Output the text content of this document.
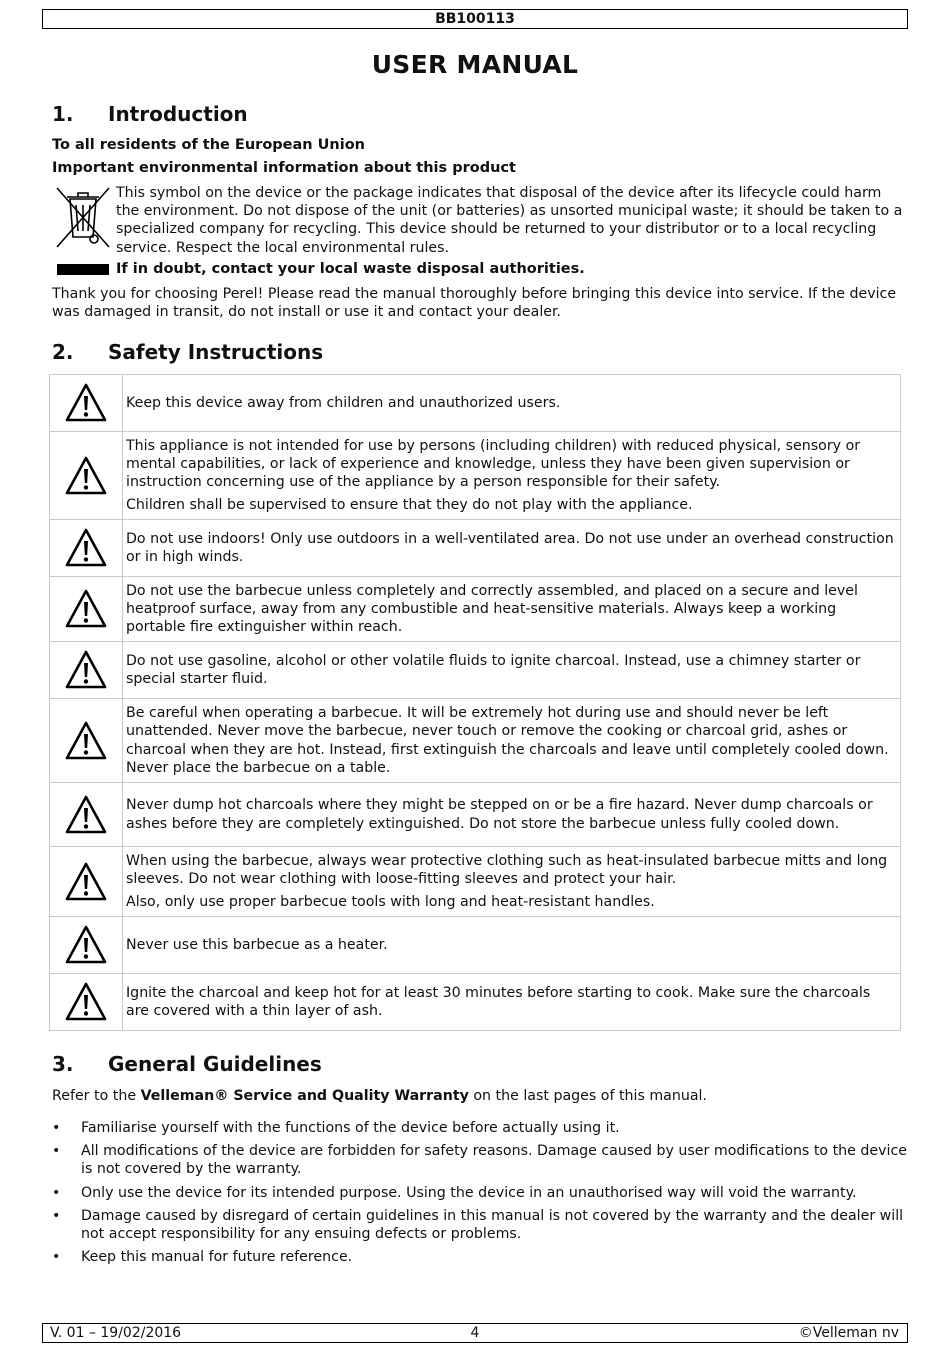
BB100113
USER MANUAL
1. Introduction
To all residents of the European Union
Important environmental information about this product

This symbol on the device or the package indicates that disposal of the device after its lifecycle could harm the environment. Do not dispose of the unit (or batteries) as unsorted municipal waste; it should be taken to a specialized company for recycling. This device should be returned to your distributor or to a local recycling service. Respect the local environmental rules.

If in doubt, contact your local waste disposal authorities.

Thank you for choosing Perel! Please read the manual thoroughly before bringing this device into service. If the device was damaged in transit, do not install or use it and contact your dealer.

2. Safety Instructions

Keep this device away from children and unauthorized users.

This appliance is not intended for use by persons (including children) with reduced physical, sensory or mental capabilities, or lack of experience and knowledge, unless they have been given supervision or instruction concerning use of the appliance by a person responsible for their safety.

Children shall be supervised to ensure that they do not play with the appliance.

Do not use indoors! Only use outdoors in a well-ventilated area. Do not use under an overhead construction or in high winds.

Do not use the barbecue unless completely and correctly assembled, and placed on a secure and level heatproof surface, away from any combustible and heat-sensitive materials. Always keep a working portable fire extinguisher within reach.

Do not use gasoline, alcohol or other volatile fluids to ignite charcoal. Instead, use a chimney starter or special starter fluid.

Be careful when operating a barbecue. It will be extremely hot during use and should never be left unattended. Never move the barbecue, never touch or remove the cooking or charcoal grid, ashes or charcoal when they are hot. Instead, first extinguish the charcoals and leave until completely cooled down. Never place the barbecue on a table.

Never dump hot charcoals where they might be stepped on or be a fire hazard. Never dump charcoals or ashes before they are completely extinguished. Do not store the barbecue unless fully cooled down.

When using the barbecue, always wear protective clothing such as heat-insulated barbecue mitts and long sleeves. Do not wear clothing with loose-fitting sleeves and protect your hair.

Also, only use proper barbecue tools with long and heat-resistant handles.

Never use this barbecue as a heater.

Ignite the charcoal and keep hot for at least 30 minutes before starting to cook. Make sure the charcoals are covered with a thin layer of ash.

3. General Guidelines

Refer to the Velleman® Service and Quality Warranty on the last pages of this manual.

• Familiarise yourself with the functions of the device before actually using it.
• All modifications of the device are forbidden for safety reasons. Damage caused by user modifications to the device is not covered by the warranty.
• Only use the device for its intended purpose. Using the device in an unauthorised way will void the warranty.
• Damage caused by disregard of certain guidelines in this manual is not covered by the warranty and the dealer will not accept responsibility for any ensuing defects or problems.
• Keep this manual for future reference.
V. 01 – 19/02/2016	4	©Velleman nv
